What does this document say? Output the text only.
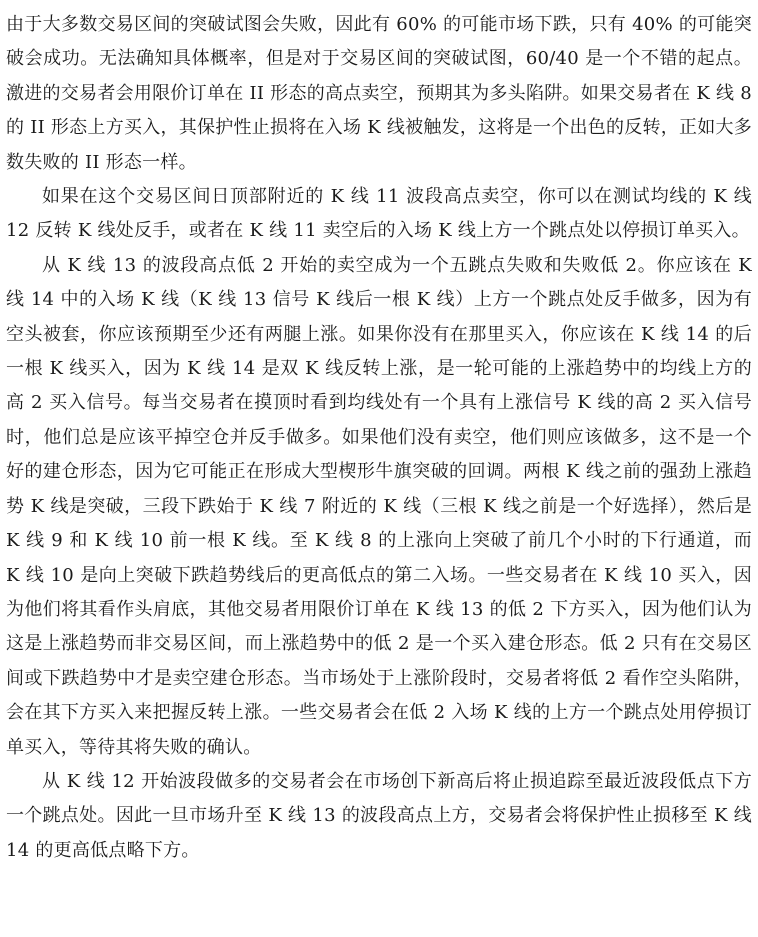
由于大多数交易区间的突破试图会失败，因此有 60% 的可能市场下跌，只有 40% 的可能突破会成功。无法确知具体概率，但是对于交易区间的突破试图，60/40 是一个不错的起点。激进的交易者会用限价订单在 II 形态的高点卖空，预期其为多头陷阱。如果交易者在 K 线 8 的 II 形态上方买入，其保护性止损将在入场 K 线被触发，这将是一个出色的反转，正如大多数失败的 II 形态一样。

如果在这个交易区间日顶部附近的 K 线 11 波段高点卖空，你可以在测试均线的 K 线 12 反转 K 线处反手，或者在 K 线 11 卖空后的入场 K 线上方一个跳点处以停损订单买入。

从 K 线 13 的波段高点低 2 开始的卖空成为一个五跳点失败和失败低 2。你应该在 K 线 14 中的入场 K 线（K 线 13 信号 K 线后一根 K 线）上方一个跳点处反手做多，因为有空头被套，你应该预期至少还有两腿上涨。如果你没有在那里买入，你应该在 K 线 14 的后一根 K 线买入，因为 K 线 14 是双 K 线反转上涨，是一轮可能的上涨趋势中的均线上方的高 2 买入信号。每当交易者在摸顶时看到均线处有一个具有上涨信号 K 线的高 2 买入信号时，他们总是应该平掉空仓并反手做多。如果他们没有卖空，他们则应该做多，这不是一个好的建仓形态，因为它可能正在形成大型楔形牛旗突破的回调。两根 K 线之前的强劲上涨趋势 K 线是突破，三段下跌始于 K 线 7 附近的 K 线（三根 K 线之前是一个好选择），然后是 K 线 9 和 K 线 10 前一根 K 线。至 K 线 8 的上涨向上突破了前几个小时的下行通道，而 K 线 10 是向上突破下跌趋势线后的更高低点的第二入场。一些交易者在 K 线 10 买入，因为他们将其看作头肩底，其他交易者用限价订单在 K 线 13 的低 2 下方买入，因为他们认为这是上涨趋势而非交易区间，而上涨趋势中的低 2 是一个买入建仓形态。低 2 只有在交易区间或下跌趋势中才是卖空建仓形态。当市场处于上涨阶段时，交易者将低 2 看作空头陷阱，会在其下方买入来把握反转上涨。一些交易者会在低 2 入场 K 线的上方一个跳点处用停损订单买入，等待其将失败的确认。

从 K 线 12 开始波段做多的交易者会在市场创下新高后将止损追踪至最近波段低点下方一个跳点处。因此一旦市场升至 K 线 13 的波段高点上方，交易者会将保护性止损移至 K 线 14 的更高低点略下方。
